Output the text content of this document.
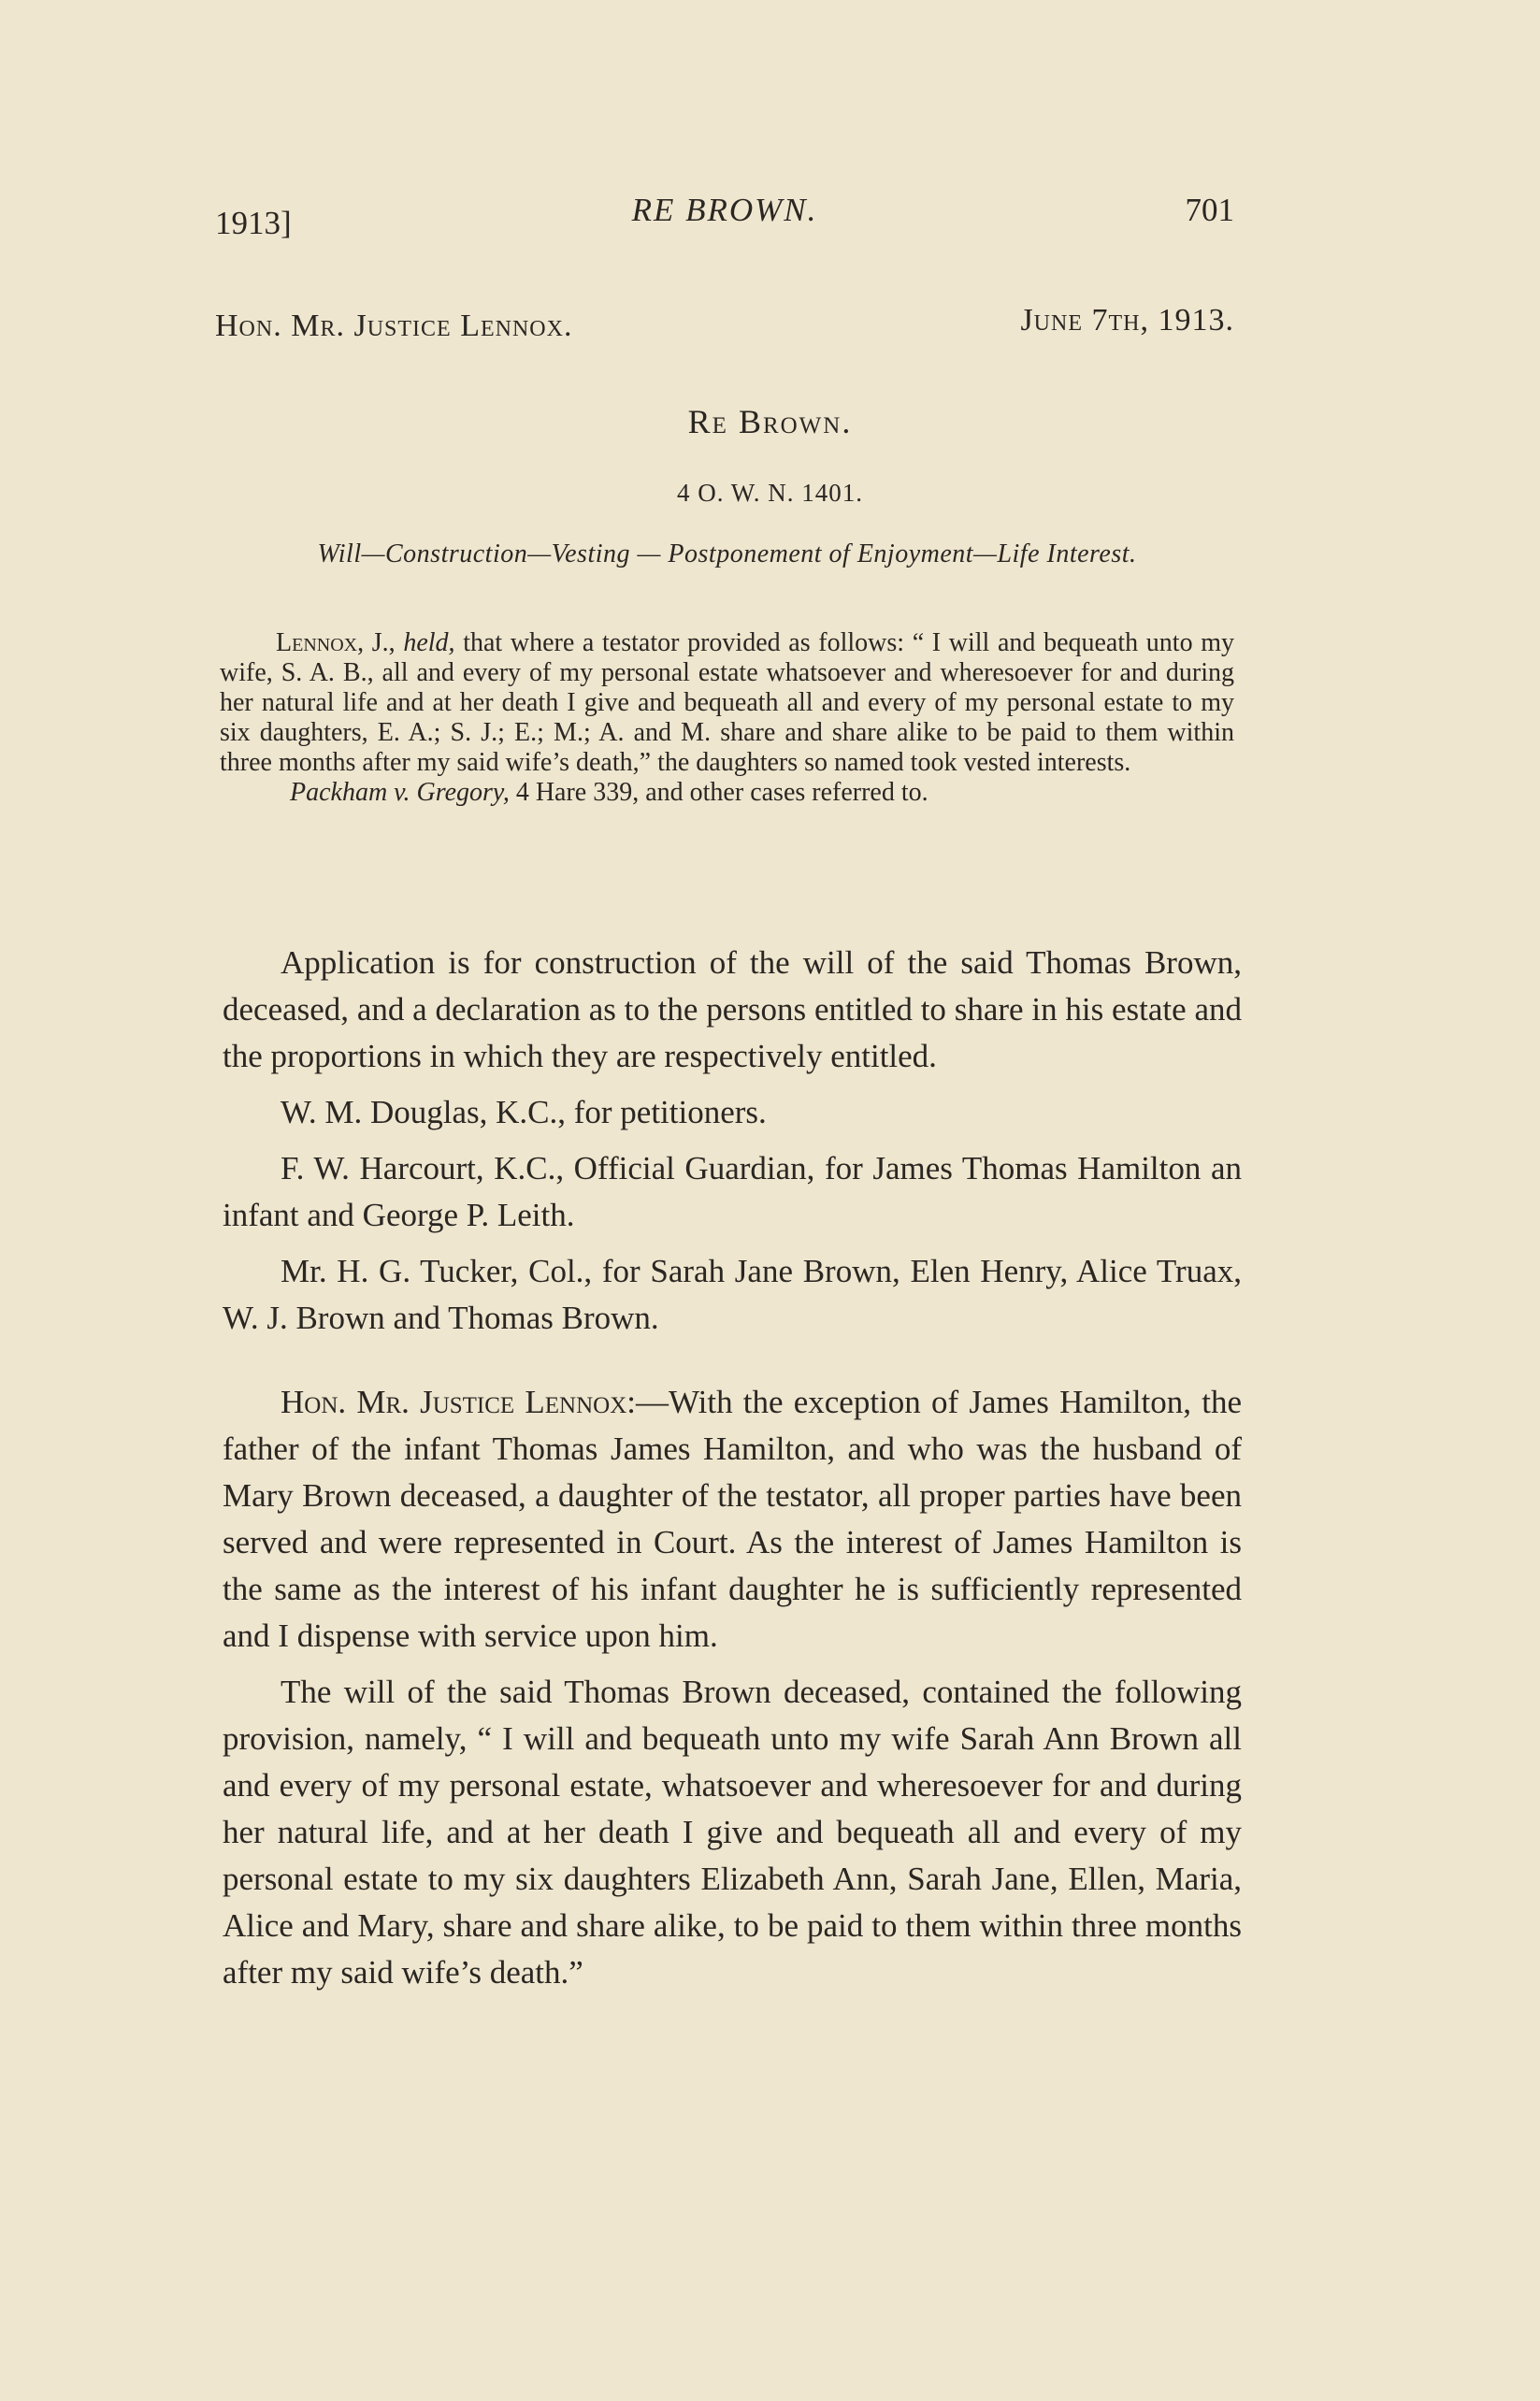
1913]	RE BROWN.	701
Hon. Mr. Justice Lennox.	June 7th, 1913.
Re Brown.
4 O. W. N. 1401.
Will—Construction—Vesting — Postponement of Enjoyment—Life Interest.

Lennox, J., held, that where a testator provided as follows: “ I will and bequeath unto my wife, S. A. B., all and every of my personal estate whatsoever and wheresoever for and during her natural life and at her death I give and bequeath all and every of my personal estate to my six daughters, E. A.; S. J.; E.; M.; A. and M. share and share alike to be paid to them within three months after my said wife’s death,” the daughters so named took vested interests.

Packham v. Gregory, 4 Hare 339, and other cases referred to.

Application is for construction of the will of the said Thomas Brown, deceased, and a declaration as to the persons entitled to share in his estate and the proportions in which they are respectively entitled.

W. M. Douglas, K.C., for petitioners.

F. W. Harcourt, K.C., Official Guardian, for James Thomas Hamilton an infant and George P. Leith.

Mr. H. G. Tucker, Col., for Sarah Jane Brown, Elen Henry, Alice Truax, W. J. Brown and Thomas Brown.

Hon. Mr. Justice Lennox:—With the exception of James Hamilton, the father of the infant Thomas James Hamilton, and who was the husband of Mary Brown deceased, a daughter of the testator, all proper parties have been served and were represented in Court. As the interest of James Hamilton is the same as the interest of his infant daughter he is sufficiently represented and I dispense with service upon him.

The will of the said Thomas Brown deceased, contained the following provision, namely, “ I will and bequeath unto my wife Sarah Ann Brown all and every of my personal estate, whatsoever and wheresoever for and during her natural life, and at her death I give and bequeath all and every of my personal estate to my six daughters Elizabeth Ann, Sarah Jane, Ellen, Maria, Alice and Mary, share and share alike, to be paid to them within three months after my said wife’s death.”
